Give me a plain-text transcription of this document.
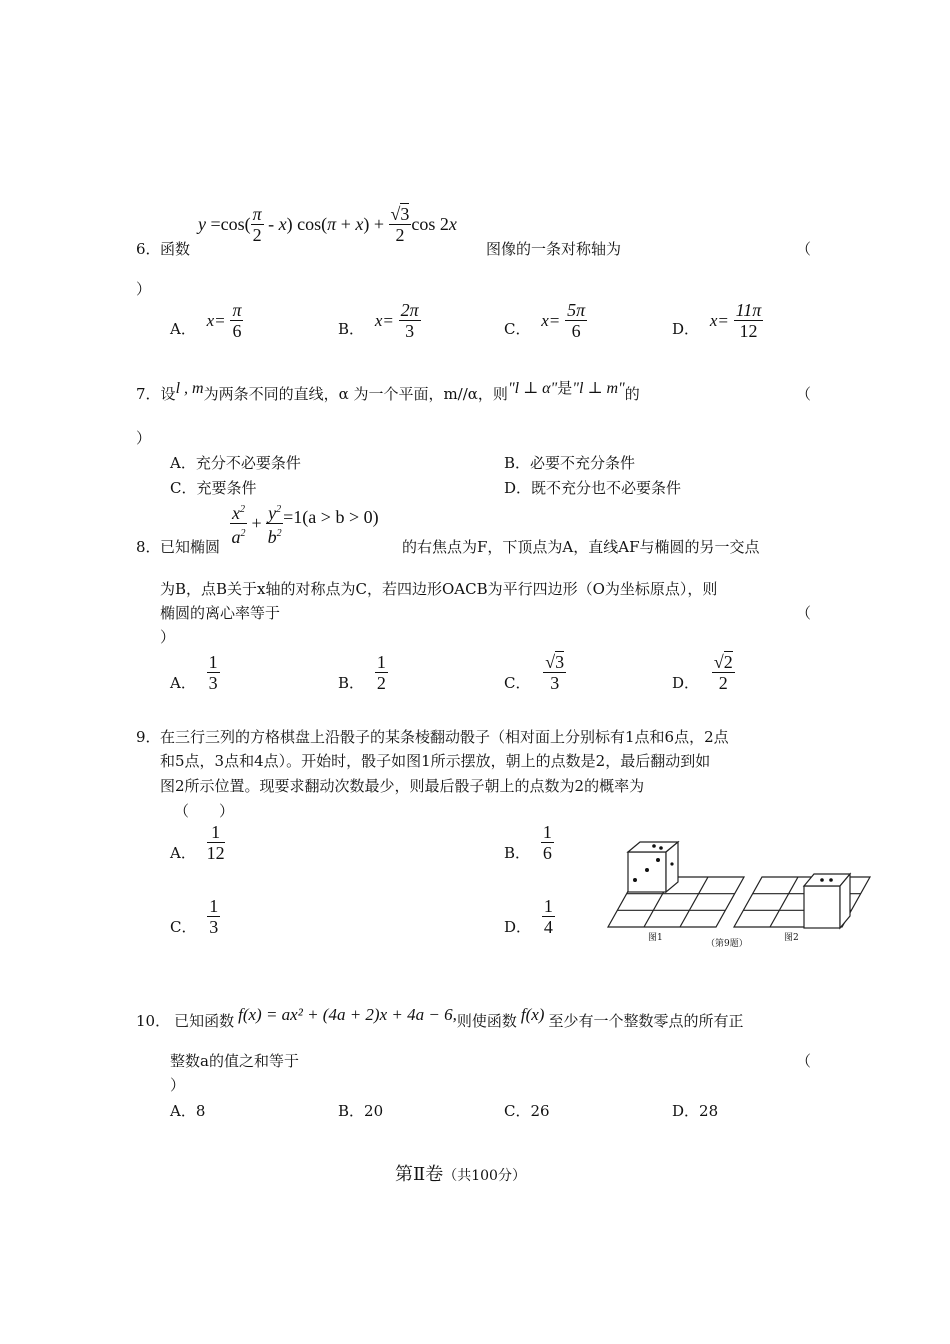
6． 函数
$y =\cos( \frac{\pi}{2} - x)$ $\cos(\pi + x) + \frac{√3}{2}$ cos 2x
图像的一条对称轴为	（
）
A． $x= \frac{\pi}{6}$	B． $x= \frac{2\pi}{3}$	C． $x= \frac{5\pi}{6}$	D． $x= \frac{11\pi}{12}$
7．设l , m为两条不同的直线，α 为一个平面，m//α，则"l ⊥ α"是"l ⊥ m"的	（
）
A．充分不必要条件	B．必要不充分条件
C．充要条件	D．既不充分也不必要条件
8． 已知椭圆 $\frac{x^2}{a^2} + \frac{y^2}{b^2} =1(a > b > 0)$
的右焦点为F，下顶点为A，直线AF与椭圆的另一交点
为B，点B关于x轴的对称点为C，若四边形OACB为平行四边形（O为坐标原点），则
椭圆的离心率等于	（
）
A． $\frac{1}{3}$	B． $\frac{1}{2}$	C． $\frac{√3}{3}$	D． $\frac{√2}{2}$
9． 在三行三列的方格棋盘上沿骰子的某条棱翻动骰子（相对面上分别标有1点和6点，2点
和5点，3点和4点）。开始时，骰子如图1所示摆放，朝上的点数是2，最后翻动到如
图2所示位置。现要求翻动次数最少，则最后骰子朝上的点数为2的概率为
（　　）
A． $\frac{1}{12}$	B． $\frac{1}{6}$
C． $\frac{1}{3}$	D． $\frac{1}{4}$
图1
（第9题）
图2
10． 已知函数 f(x) = ax² + (4a + 2)x + 4a − 6,则使函数 f(x) 至少有一个整数零点的所有正
整数a的值之和等于	（
）
A．8	B．20	C．26	D．28
第Ⅱ卷（共100分）
